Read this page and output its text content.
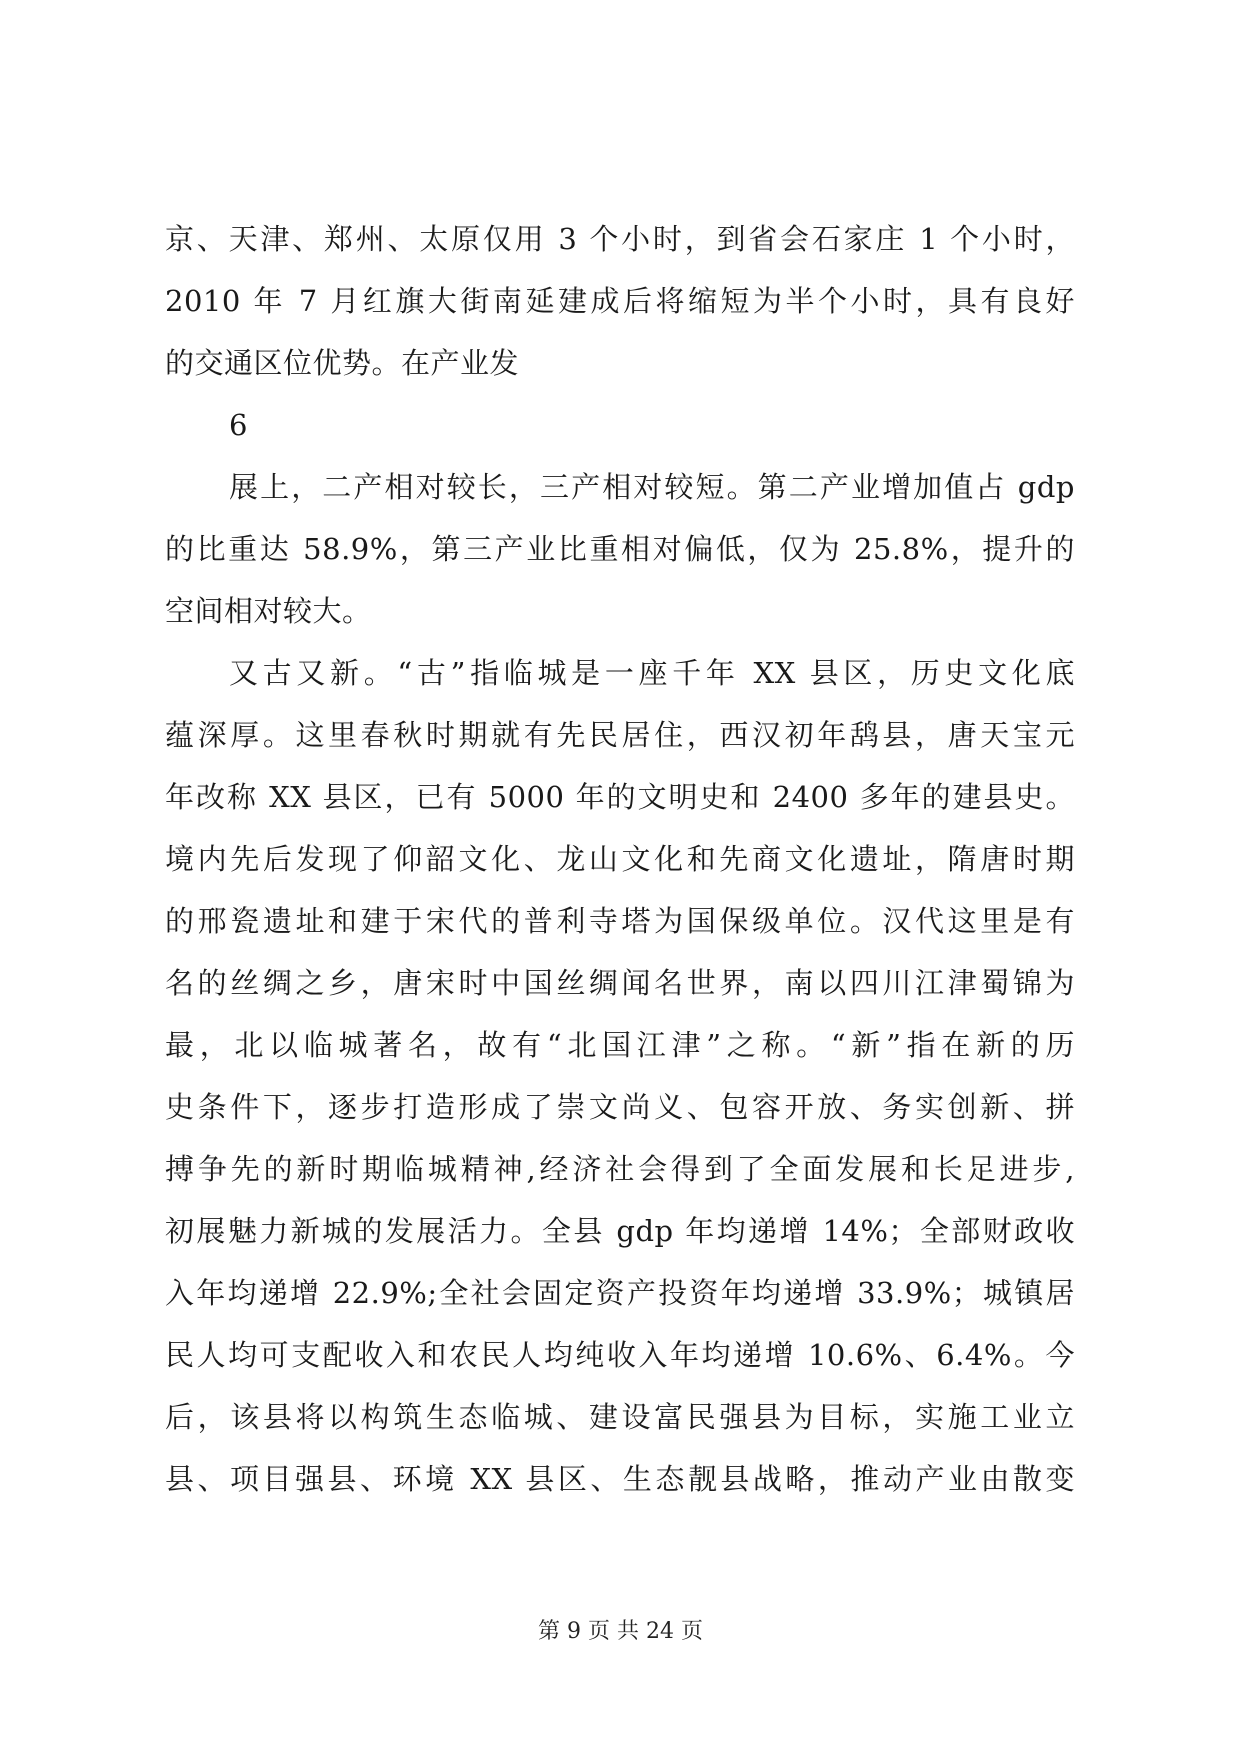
京、天津、郑州、太原仅用 3 个小时，到省会石家庄 1 个小时，
2010 年 7 月红旗大街南延建成后将缩短为半个小时，具有良好
的交通区位优势。在产业发
6
展上，二产相对较长，三产相对较短。第二产业增加值占 gdp
的比重达 58.9%，第三产业比重相对偏低，仅为 25.8%，提升的
空间相对较大。
又古又新。“古”指临城是一座千年 XX 县区，历史文化底
蕴深厚。这里春秋时期就有先民居住，西汉初年鸹县，唐天宝元
年改称 XX 县区，已有 5000 年的文明史和 2400 多年的建县史。
境内先后发现了仰韶文化、龙山文化和先商文化遗址，隋唐时期
的邢瓷遗址和建于宋代的普利寺塔为国保级单位。汉代这里是有
名的丝绸之乡，唐宋时中国丝绸闻名世界，南以四川江津蜀锦为
最，北以临城著名，故有“北国江津”之称。“新”指在新的历
史条件下，逐步打造形成了崇文尚义、包容开放、务实创新、拼
搏争先的新时期临城精神,经济社会得到了全面发展和长足进步,
初展魅力新城的发展活力。全县 gdp 年均递增 14%；全部财政收
入年均递增 22.9%;全社会固定资产投资年均递增 33.9%；城镇居
民人均可支配收入和农民人均纯收入年均递增 10.6%、6.4%。今
后，该县将以构筑生态临城、建设富民强县为目标，实施工业立
县、项目强县、环境 XX 县区、生态靓县战略，推动产业由散变
第 9 页 共 24 页
